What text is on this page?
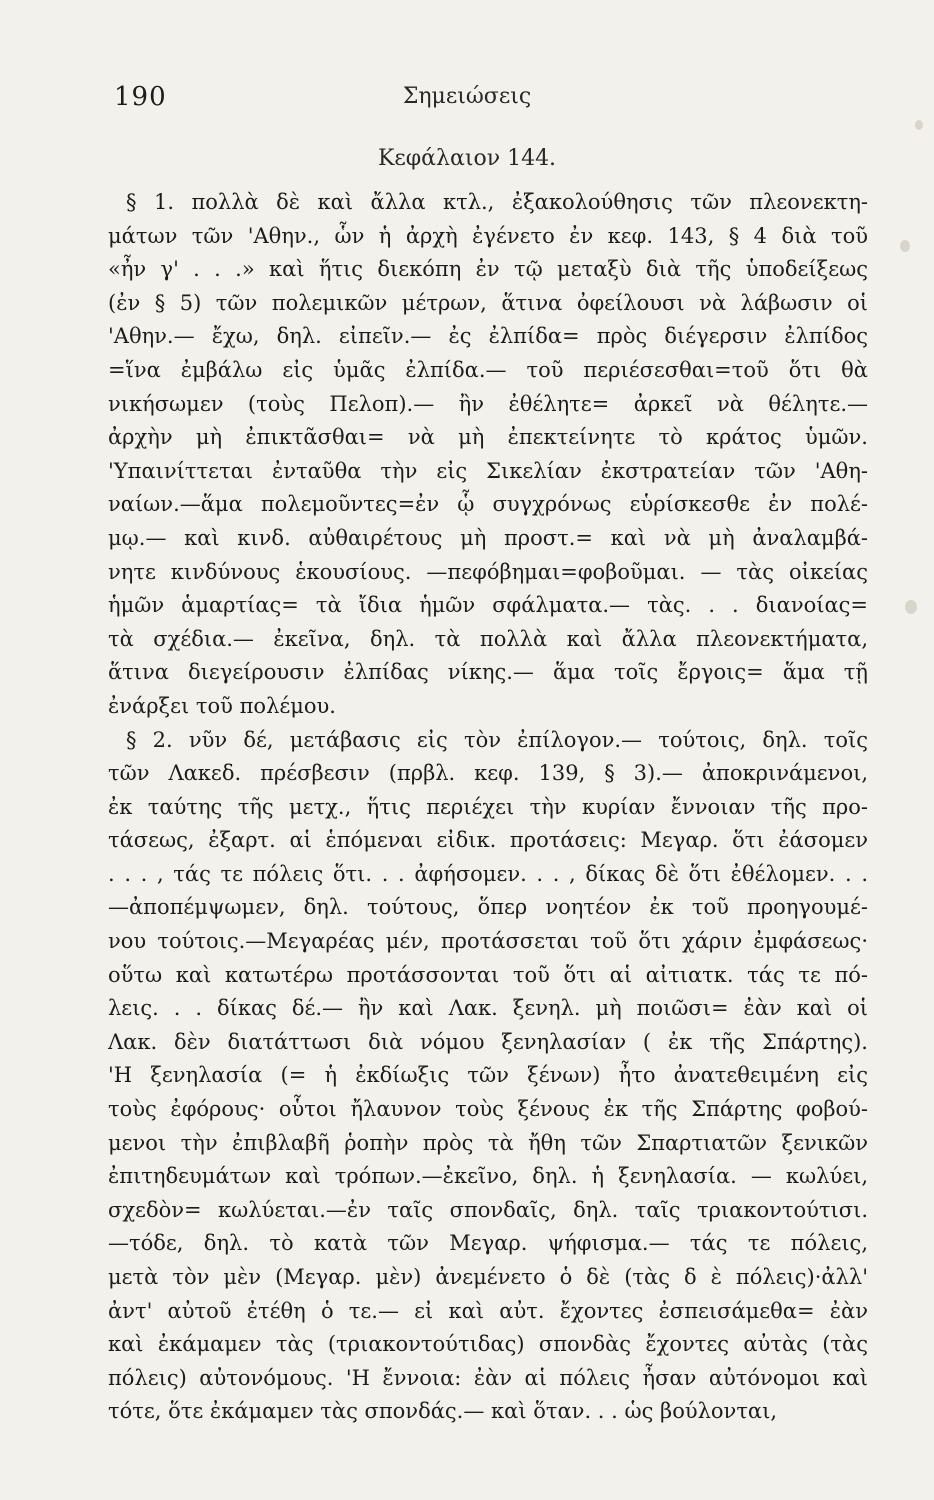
190	Σημειώσεις
Κεφάλαιον 144.
§ 1. πολλὰ δὲ καὶ ἄλλα κτλ., ἐξακολούθησις τῶν πλεονεκτη-
μάτων τῶν 'Αθην., ὧν ἡ ἀρχὴ ἐγένετο ἐν κεφ. 143, § 4 διὰ τοῦ
«ἦν γ' . . .» καὶ ἥτις διεκόπη ἐν τῷ μεταξὺ διὰ τῆς ὑποδείξεως
(ἐν § 5) τῶν πολεμικῶν μέτρων, ἅτινα ὀφείλουσι νὰ λάβωσιν οἱ
'Αθην.— ἔχω, δηλ. εἰπεῖν.— ἐς ἐλπίδα= πρὸς διέγερσιν ἐλπίδος
=ἵνα ἐμβάλω εἰς ὑμᾶς ἐλπίδα.— τοῦ περιέσεσθαι=τοῦ ὅτι θὰ
νικήσωμεν (τοὺς Πελοπ).— ἢν ἐθέλητε= ἀρκεῖ νὰ θέλητε.—
ἀρχὴν μὴ ἐπικτᾶσθαι= νὰ μὴ ἐπεκτείνητε τὸ κράτος ὑμῶν.
'Υπαινίττεται ἐνταῦθα τὴν εἰς Σικελίαν ἐκστρατείαν τῶν 'Αθη-
ναίων.—ἅμα πολεμοῦντες=ἐν ᾧ συγχρόνως εὑρίσκεσθε ἐν πολέ-
μῳ.— καὶ κινδ. αὐθαιρέτους μὴ προστ.= καὶ νὰ μὴ ἀναλαμβά-
νητε κινδύνους ἑκουσίους. —πεφόβημαι=φοβοῦμαι. — τὰς οἰκείας
ἡμῶν ἁμαρτίας= τὰ ἴδια ἡμῶν σφάλματα.— τὰς. . . διανοίας=
τὰ σχέδια.— ἐκεῖνα, δηλ. τὰ πολλὰ καὶ ἄλλα πλεονεκτήματα,
ἅτινα διεγείρουσιν ἐλπίδας νίκης.— ἅμα τοῖς ἔργοις= ἅμα τῇ
ἐνάρξει τοῦ πολέμου.
§ 2. νῦν δέ, μετάβασις εἰς τὸν ἐπίλογον.— τούτοις, δηλ. τοῖς
τῶν Λακεδ. πρέσβεσιν (πρβλ. κεφ. 139, § 3).— ἀποκρινάμενοι,
ἐκ ταύτης τῆς μετχ., ἥτις περιέχει τὴν κυρίαν ἔννοιαν τῆς προ-
τάσεως, ἐξαρτ. αἱ ἑπόμεναι εἰδικ. προτάσεις: Μεγαρ. ὅτι ἐάσομεν
. . . , τάς τε πόλεις ὅτι. . . ἀφήσομεν. . . , δίκας δὲ ὅτι ἐθέλομεν. . .
—ἀποπέμψωμεν, δηλ. τούτους, ὅπερ νοητέον ἐκ τοῦ προηγουμέ-
νου τούτοις.—Μεγαρέας μέν, προτάσσεται τοῦ ὅτι χάριν ἐμφάσεως·
οὕτω καὶ κατωτέρω προτάσσονται τοῦ ὅτι αἱ αἰτιατκ. τάς τε πό-
λεις. . . δίκας δέ.— ἢν καὶ Λακ. ξενηλ. μὴ ποιῶσι= ἐὰν καὶ οἱ
Λακ. δὲν διατάττωσι διὰ νόμου ξενηλασίαν ( ἐκ τῆς Σπάρτης).
'Η ξενηλασία (= ἡ ἐκδίωξις τῶν ξένων) ἦτο ἀνατεθειμένη εἰς
τοὺς ἐφόρους· οὗτοι ἤλαυνον τοὺς ξένους ἐκ τῆς Σπάρτης φοβού-
μενοι τὴν ἐπιβλαβῆ ῥοπὴν πρὸς τὰ ἤθη τῶν Σπαρτιατῶν ξενικῶν
ἐπιτηδευμάτων καὶ τρόπων.—ἐκεῖνο, δηλ. ἡ ξενηλασία. — κωλύει,
σχεδὸν= κωλύεται.—ἐν ταῖς σπονδαῖς, δηλ. ταῖς τριακοντούτισι.
—τόδε, δηλ. τὸ κατὰ τῶν Μεγαρ. ψήφισμα.— τάς τε πόλεις,
μετὰ τὸν μὲν (Μεγαρ. μὲν) ἀνεμένετο ὁ δὲ (τὰς δ ὲ πόλεις)·ἀλλ'
ἀντ' αὐτοῦ ἐτέθη ὁ τε.— εἰ καὶ αὐτ. ἔχοντες ἐσπεισάμεθα= ἐὰν
καὶ ἐκάμαμεν τὰς (τριακοντούτιδας) σπονδὰς ἔχοντες αὐτὰς (τὰς
πόλεις) αὐτονόμους. 'Η ἔννοια: ἐὰν αἱ πόλεις ἦσαν αὐτόνομοι καὶ
τότε, ὅτε ἐκάμαμεν τὰς σπονδάς.— καὶ ὅταν. . . ὡς βούλονται,
